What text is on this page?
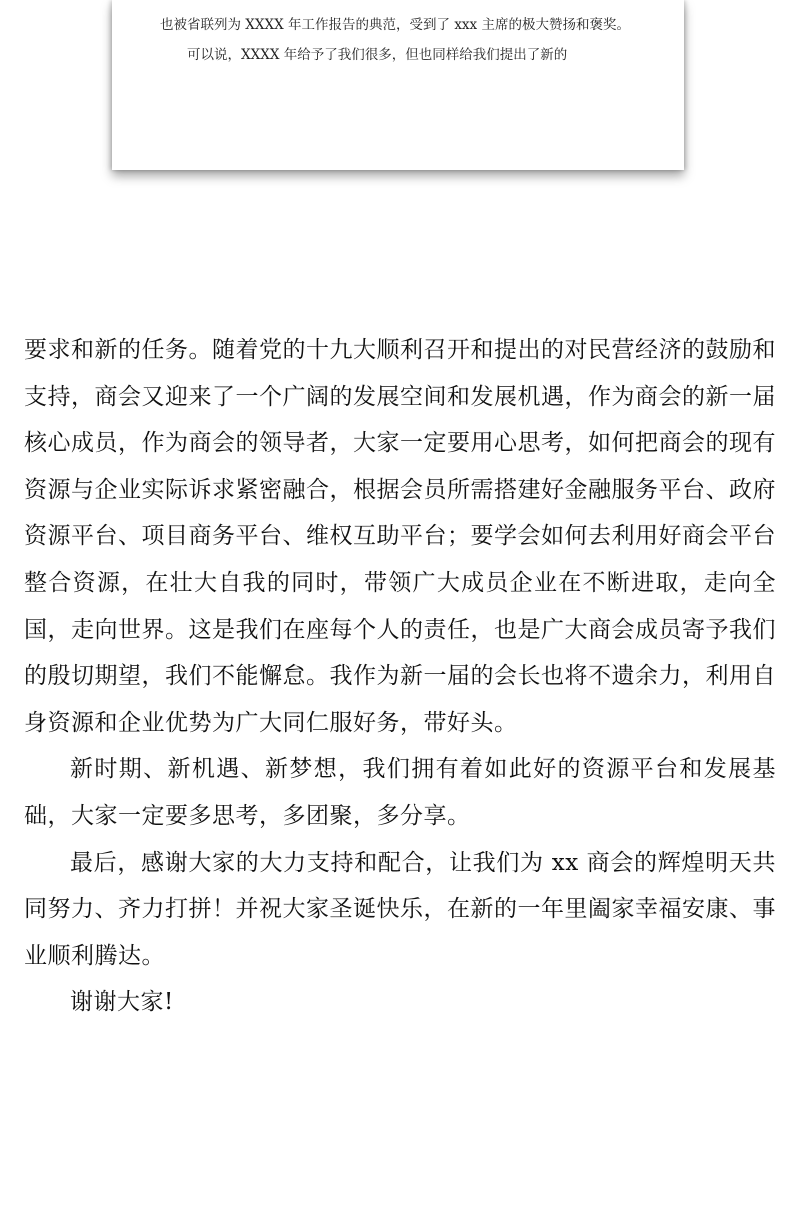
也被省联列为 XXXX 年工作报告的典范，受到了 xxx 主席的极大赞扬和褒奖。

可以说，XXXX 年给予了我们很多，但也同样给我们提出了新的

要求和新的任务。随着党的十九大顺利召开和提出的对民营经济的鼓励和支持，商会又迎来了一个广阔的发展空间和发展机遇，作为商会的新一届核心成员，作为商会的领导者，大家一定要用心思考，如何把商会的现有资源与企业实际诉求紧密融合，根据会员所需搭建好金融服务平台、政府资源平台、项目商务平台、维权互助平台；要学会如何去利用好商会平台整合资源，在壮大自我的同时，带领广大成员企业在不断进取，走向全国，走向世界。这是我们在座每个人的责任，也是广大商会成员寄予我们的殷切期望，我们不能懈怠。我作为新一届的会长也将不遗余力，利用自身资源和企业优势为广大同仁服好务，带好头。

新时期、新机遇、新梦想，我们拥有着如此好的资源平台和发展基础，大家一定要多思考，多团聚，多分享。

最后，感谢大家的大力支持和配合，让我们为 xx 商会的辉煌明天共同努力、齐力打拼！并祝大家圣诞快乐，在新的一年里阖家幸福安康、事业顺利腾达。

谢谢大家!
